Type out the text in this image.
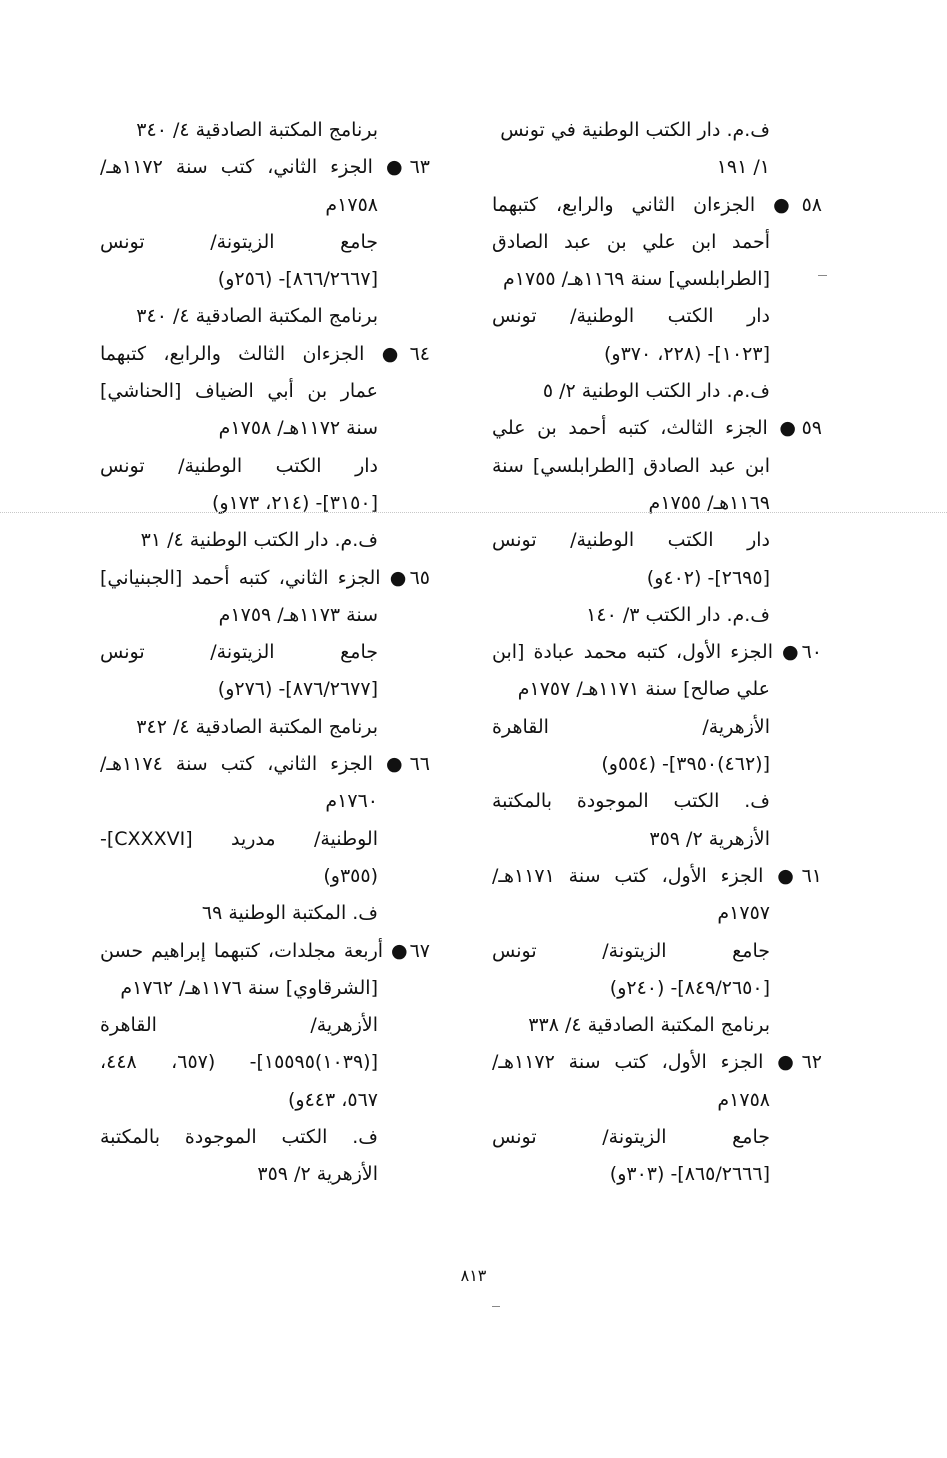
ف.م. دار الكتب الوطنية في تونس
١/ ١٩١
٥٨● الجزءان الثاني والرابع، كتبهما
أحمد ابن علي بن عبد الصادق
[الطرابلسي] سنة ١١٦٩هـ/ ١٧٥٥م
دار الكتب الوطنية/ تونس
[١٠٢٣]- (٢٢٨، ٣٧٠و)
ف.م. دار الكتب الوطنية ٢/ ٥
٥٩● الجزء الثالث، كتبه أحمد بن علي
ابن عبد الصادق [الطرابلسي] سنة
١١٦٩هـ/ ١٧٥٥م
دار الكتب الوطنية/ تونس
[٢٦٩٥]- (٤٠٢و)
ف.م. دار الكتب ٣/ ١٤٠
٦٠● الجزء الأول، كتبه محمد عبادة [ابن
علي صالح] سنة ١١٧١هـ/ ١٧٥٧م
الأزهرية/ القاهرة
[(٤٦٢)٣٩٥٠]- (٥٥٤و)
ف. الكتب الموجودة بالمكتبة
الأزهرية ٢/ ٣٥٩
٦١● الجزء الأول، كتب سنة ١١٧١هـ/
١٧٥٧م
جامع الزيتونة/ تونس
[٨٤٩/٢٦٥٠]- (٢٤٠و)
برنامج المكتبة الصادقية ٤/ ٣٣٨
٦٢● الجزء الأول، كتب سنة ١١٧٢هـ/
١٧٥٨م
جامع الزيتونة/ تونس
[٨٦٥/٢٦٦٦]- (٣٠٣و)
برنامج المكتبة الصادقية ٤/ ٣٤٠
٦٣● الجزء الثاني، كتب سنة ١١٧٢هـ/
١٧٥٨م
جامع الزيتونة/ تونس
[٨٦٦/٢٦٦٧]- (٢٥٦و)
برنامج المكتبة الصادقية ٤/ ٣٤٠
٦٤● الجزءان الثالث والرابع، كتبهما
عمار بن أبي الضياف [الحناشي]
سنة ١١٧٢هـ/ ١٧٥٨م
دار الكتب الوطنية/ تونس
[٣١٥٠]- (٢١٤، ١٧٣و)
ف.م. دار الكتب الوطنية ٤/ ٣١
٦٥● الجزء الثاني، كتبه أحمد [الجبنياني]
سنة ١١٧٣هـ/ ١٧٥٩م
جامع الزيتونة/ تونس
[٨٧٦/٢٦٧٧]- (٢٧٦و)
برنامج المكتبة الصادقية ٤/ ٣٤٢
٦٦● الجزء الثاني، كتب سنة ١١٧٤هـ/
١٧٦٠م
الوطنية/ مدريد [CXXXVI]-
(٣٥٥و)
ف. المكتبة الوطنية ٦٩
٦٧● أربعة مجلدات، كتبهما إبراهيم حسن
[الشرقاوي] سنة ١١٧٦هـ/ ١٧٦٢م
الأزهرية/ القاهرة
[(١٠٣٩)١٥٥٩٥]- (٦٥٧، ٤٤٨،
٥٦٧، ٤٤٣و)
ف. الكتب الموجودة بالمكتبة
الأزهرية ٢/ ٣٥٩
٨١٣
